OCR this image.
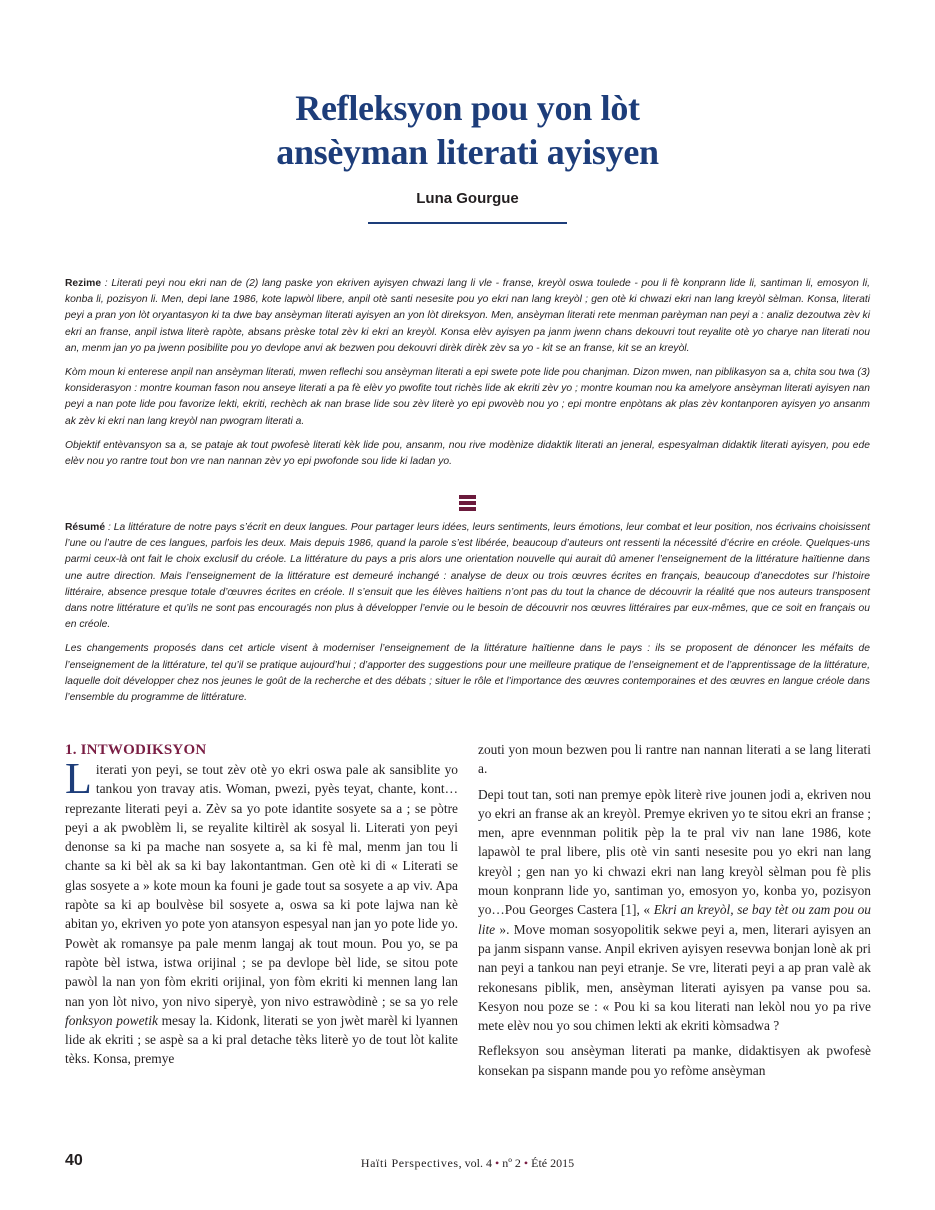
Refleksyon pou yon lòt
ansèyman literati ayisyen
Luna Gourgue

Rezime : Literati peyi nou ekri nan de (2) lang paske yon ekriven ayisyen chwazi lang li vle - franse, kreyòl oswa toulede - pou li fè konprann lide li, santiman li, emosyon li, konba li, pozisyon li. Men, depi lane 1986, kote lapwòl libere, anpil otè santi nesesite pou yo ekri nan lang kreyòl ; gen otè ki chwazi ekri nan lang kreyòl sèlman. Konsa, literati peyi a pran yon lòt oryantasyon ki ta dwe bay ansèyman literati ayisyen an yon lòt direksyon. Men, ansèyman literati rete menman parèyman nan peyi a : analiz dezoutwa zèv ki ekri an franse, anpil istwa literè rapòte, absans prèske total zèv ki ekri an kreyòl. Konsa elèv ayisyen pa janm jwenn chans dekouvri tout reyalite otè yo charye nan literati nou an, menm jan yo pa jwenn posibilite pou yo devlope anvi ak bezwen pou dekouvri dirèk dirèk zèv sa yo - kit se an franse, kit se an kreyòl.

Kòm moun ki enterese anpil nan ansèyman literati, mwen reflechi sou ansèyman literati a epi swete pote lide pou chanjman. Dizon mwen, nan piblikasyon sa a, chita sou twa (3) konsiderasyon : montre kouman fason nou anseye literati a pa fè elèv yo pwofite tout richès lide ak ekriti zèv yo ; montre kouman nou ka amelyore ansèyman literati ayisyen nan peyi a nan pote lide pou favorize lekti, ekriti, rechèch ak nan brase lide sou zèv literè yo epi pwovèb nou yo ; epi montre enpòtans ak plas zèv kontanporen ayisyen yo ansanm ak zèv ki ekri nan lang kreyòl nan pwogram literati a.

Objektif entèvansyon sa a, se pataje ak tout pwofesè literati kèk lide pou, ansanm, nou rive modènize didaktik literati an jeneral, espesyalman didaktik literati ayisyen, pou ede elèv nou yo rantre tout bon vre nan nannan zèv yo epi pwofonde sou lide ki ladan yo.

Résumé : La littérature de notre pays s’écrit en deux langues. Pour partager leurs idées, leurs sentiments, leurs émotions, leur combat et leur position, nos écrivains choisissent l’une ou l’autre de ces langues, parfois les deux. Mais depuis 1986, quand la parole s’est libérée, beaucoup d’auteurs ont ressenti la nécessité d’écrire en créole. Quelques-uns parmi ceux-là ont fait le choix exclusif du créole. La littérature du pays a pris alors une orientation nouvelle qui aurait dû amener l’enseignement de la littérature haïtienne dans une autre direction. Mais l’enseignement de la littérature est demeuré inchangé : analyse de deux ou trois œuvres écrites en français, beaucoup d’anecdotes sur l’histoire littéraire, absence presque totale d’œuvres écrites en créole. Il s’ensuit que les élèves haïtiens n’ont pas du tout la chance de découvrir la réalité que nos auteurs transposent dans notre littérature et qu’ils ne sont pas encouragés non plus à développer l’envie ou le besoin de découvrir nos œuvres littéraires par eux-mêmes, que ce soit en français ou en créole.

Les changements proposés dans cet article visent à moderniser l’enseignement de la littérature haïtienne dans le pays : ils se proposent de dénoncer les méfaits de l’enseignement de la littérature, tel qu’il se pratique aujourd’hui ; d’apporter des suggestions pour une meilleure pratique de l’enseignement et de l’apprentissage de la littérature, laquelle doit développer chez nos jeunes le goût de la recherche et des débats ; situer le rôle et l’importance des œuvres contemporaines et des œuvres en langue créole dans l’ensemble du programme de littérature.

1. INTWODIKSYON

Literati yon peyi, se tout zèv otè yo ekri oswa pale ak sansiblite yo tankou yon travay atis. Woman, pwezi, pyès teyat, chante, kont… reprezante literati peyi a. Zèv sa yo pote idantite sosyete sa a ; se pòtre peyi a ak pwoblèm li, se reyalite kiltirèl ak sosyal li. Literati yon peyi denonse sa ki pa mache nan sosyete a, sa ki fè mal, menm jan tou li chante sa ki bèl ak sa ki bay lakontantman. Gen otè ki di « Literati se glas sosyete a » kote moun ka founi je gade tout sa sosyete a ap viv. Apa rapòte sa ki ap boulvèse bil sosyete a, oswa sa ki pote lajwa nan kè abitan yo, ekriven yo pote yon atansyon espesyal nan jan yo pote lide yo. Powèt ak romansye pa pale menm langaj ak tout moun. Pou yo, se pa rapòte bèl istwa, istwa orijinal ; se pa devlope bèl lide, se sitou pote pawòl la nan yon fòm ekriti orijinal, yon fòm ekriti ki mennen lang lan nan yon lòt nivo, yon nivo siperyè, yon nivo estrawòdinè ; se sa yo rele fonksyon powetik mesay la. Kidonk, literati se yon jwèt marèl ki lyannen lide ak ekriti ; se aspè sa a ki pral detache tèks literè yo de tout lòt kalite tèks. Konsa, premye

zouti yon moun bezwen pou li rantre nan nannan literati a se lang literati a.

Depi tout tan, soti nan premye epòk literè rive jounen jodi a, ekriven nou yo ekri an franse ak an kreyòl. Premye ekriven yo te sitou ekri an franse ; men, apre evennman politik pèp la te pral viv nan lane 1986, kote lapawòl te pral libere, plis otè vin santi nesesite pou yo ekri nan lang kreyòl ; gen nan yo ki chwazi ekri nan lang kreyòl sèlman pou fè plis moun konprann lide yo, santiman yo, emosyon yo, konba yo, pozisyon yo…Pou Georges Castera [1], « Ekri an kreyòl, se bay tèt ou zam pou ou lite ». Move moman sosyopolitik sekwe peyi a, men, literari ayisyen an pa janm sispann vanse. Anpil ekriven ayisyen resevwa bonjan lonè ak pri nan peyi a tankou nan peyi etranje. Se vre, literati peyi a ap pran valè ak rekonesans piblik, men, ansèyman literati ayisyen pa vanse pou sa. Kesyon nou poze se : « Pou ki sa kou literati nan lekòl nou yo pa rive mete elèv nou yo sou chimen lekti ak ekriti kòmsadwa ?

Refleksyon sou ansèyman literati pa manke, didaktisyen ak pwofesè konsekan pa sispann mande pou yo refòme ansèyman

40	Haïti Perspectives, vol. 4 • nº 2 • Été 2015
